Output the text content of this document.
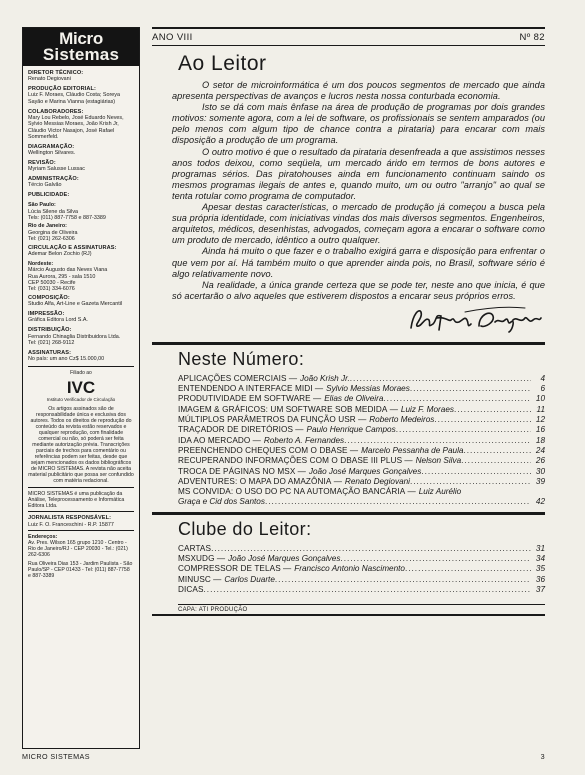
Micro
Sistemas
DIRETOR TÉCNICO:
Renato Degiovani
PRODUÇÃO EDITORIAL:
Luiz F. Moraes, Cláudio Costa; Soreya Sayão e Marina Vianna (estagiárias)
COLABORADORES:
Mary Lou Rebelo, José Eduardo Neves, Sylvio Messias Moraes, João Krish Jr, Cláudio Victor Nasajon, José Rafael Sommerfeld.
DIAGRAMAÇÃO:
Wellington Silvares.
REVISÃO:
Myriam Salusse Lussac
ADMINISTRAÇÃO:
Tércio Galvão
PUBLICIDADE:
São Paulo:
Lúcia Silene da Silva
Tels: (011) 887-7758 e 887-3389
Rio de Janeiro:
Georgina de Oliveira
Tel: (021) 262-6306
CIRCULAÇÃO E ASSINATURAS:
Ademar Belon Zochio (RJ)
Nordeste:
Márcio Augusto das Neves Viana
Rua Aurora, 295 - sala 1510
CEP 50030 - Recife
Tel: (031) 334-6076
COMPOSIÇÃO:
Studio Alfa, Art-Line e Gazeta Mercantil
IMPRESSÃO:
Gráfica Editora Lord S.A.
DISTRIBUIÇÃO:
Fernando Chinaglia Distribuidora Ltda.
Tel: (021) 268-9112
ASSINATURAS:
No país: um ano Cz$ 15.000,00
Filiado ao
IVC
Instituto Verificador de Circulação
Os artigos assinados são de responsabilidade única e exclusiva dos autores. Todos os direitos de reprodução do conteúdo da revista estão reservados e qualquer reprodução, com finalidade comercial ou não, só poderá ser feita mediante autorização prévia. Transcrições parciais de trechos para comentário ou referências podem ser feitas, desde que sejam mencionados os dados bibliográficos de MICRO SISTEMAS. A revista não aceita material publicitário que possa ser confundido com matéria redacional.
MICRO SISTEMAS é uma publicação da Análise, Teleprocessamento e Informática Editora Ltda.
JORNALISTA RESPONSÁVEL:
Luiz F. O. Franceschini - R.P. 15877
Endereços:
Av. Pres. Wilson 165 grupo 1210 - Centro - Rio de Janeiro/RJ - CEP 20030 - Tel.: (021) 262-6306
Rua Oliveira Dias 153 - Jardim Paulista - São Paulo/SP - CEP 01433 - Tel: (011) 887-7758 e 887-3389
ANO VIII	Nº 82
Ao Leitor

O setor de microinformática é um dos poucos segmentos de mercado que ainda apresenta perspectivas de avanços e lucros nesta nossa conturbada economia.

Isto se dá com mais ênfase na área de produção de programas por dois grandes motivos: somente agora, com a lei de software, os profissionais se sentem amparados (ou pelo menos com algum tipo de chance contra a pirataria) para encarar com mais disposição a produção de um programa.

O outro motivo é que o resultado da pirataria desenfreada a que assistimos nesses anos todos deixou, como seqüela, um mercado árido em termos de bons autores e programas sérios. Das piratohouses ainda em funcionamento continuam saindo os mesmos programas ilegais de antes e, quando muito, um ou outro "arranjo" ao qual se tenta rotular como programa de computador.

Apesar destas características, o mercado de produção já começou a busca pela sua própria identidade, com iniciativas vindas dos mais diversos segmentos. Engenheiros, arquitetos, médicos, desenhistas, advogados, começam agora a encarar o software como um produto de mercado, idêntico a outro qualquer.

Ainda há muito o que fazer e o trabalho exigirá garra e disposição para enfrentar o que vem por aí. Há também muito o que aprender ainda pois, no Brasil, software sério é algo relativamente novo.

Na realidade, a única grande certeza que se pode ter, neste ano que inicia, é que só acertarão o alvo aqueles que estiverem dispostos a encarar seus próprios erros.

Neste Número:
APLICAÇÕES COMERCIAIS — João Krish Jr. .....	4
ENTENDENDO A INTERFACE MIDI — Sylvio Messias Moraes .....	6
PRODUTIVIDADE EM SOFTWARE — Elias de Oliveira .....	10
IMAGEM & GRÁFICOS: UM SOFTWARE SOB MEDIDA — Luiz F. Moraes .....	11
MÚLTIPLOS PARÂMETROS DA FUNÇÃO USR — Roberto Medeiros .....	12
TRAÇADOR DE DIRETÓRIOS — Paulo Henrique Campos .....	16
IDA AO MERCADO — Roberto A. Fernandes .....	18
PREENCHENDO CHEQUES COM O DBASE — Marcelo Pessanha de Paula .....	24
RECUPERANDO INFORMAÇÕES COM O DBASE III PLUS — Nelson Silva .....	26
TROCA DE PÁGINAS NO MSX — João José Marques Gonçalves .....	30
ADVENTURES: O MAPA DO AMAZÔNIA — Renato Degiovani .....	39
MS CONVIDA: O USO DO PC NA AUTOMAÇÃO BANCÁRIA — Luiz Aurélio
Graça e Cid dos Santos .....	42
Clube do Leitor:
CARTAS .....	31
MSXUDG — João José Marques Gonçalves .....	34
COMPRESSOR DE TELAS — Francisco Antonio Nascimento .....	35
MINUSC — Carlos Duarte .....	36
DICAS .....	37
CAPA: ATI PRODUÇÃO
MICRO SISTEMAS	3
